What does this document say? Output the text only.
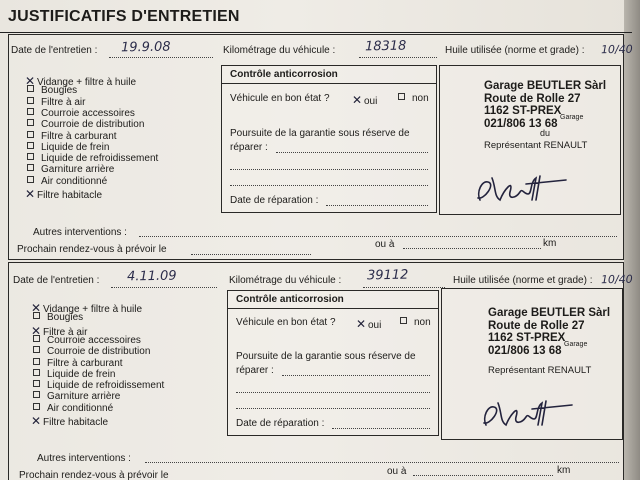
JUSTIFICATIFS D'ENTRETIEN
Date de l'entretien : 19.9.08	Kilométrage du véhicule : 18318	Huile utilisée (norme et grade) : 10/40
✕ Vidange + filtre à huile
Bougies
Filtre à air
Courroie accessoires
Courroie de distribution
Filtre à carburant
Liquide de frein
Liquide de refroidissement
Garniture arrière
Air conditionné
✕ Filtre habitacle
Contrôle anticorrosion
Véhicule en bon état ? ✕ oui	non
Poursuite de la garantie sous réserve de
réparer :
Date de réparation :
Garage BEUTLER Sàrl
Route de Rolle 27
1162 ST-PREX
021/806 13 68 Garage
du
Représentant RENAULT
Autres interventions :
Prochain rendez-vous à prévoir le	ou à	km
Date de l'entretien : 4.11.09	Kilométrage du véhicule : 39112	Huile utilisée (norme et grade) : 10/40
✕ Vidange + filtre à huile
Bougies
✕ Filtre à air
Courroie accessoires
Courroie de distribution
Filtre à carburant
Liquide de frein
Liquide de refroidissement
Garniture arrière
Air conditionné
✕ Filtre habitacle
Contrôle anticorrosion
Véhicule en bon état ? ✕ oui	non
Poursuite de la garantie sous réserve de
réparer :
Date de réparation :
Garage BEUTLER Sàrl
Route de Rolle 27
1162 ST-PREX
021/806 13 68 Garage
Représentant RENAULT
Autres interventions :
Prochain rendez-vous à prévoir le	ou à	km
